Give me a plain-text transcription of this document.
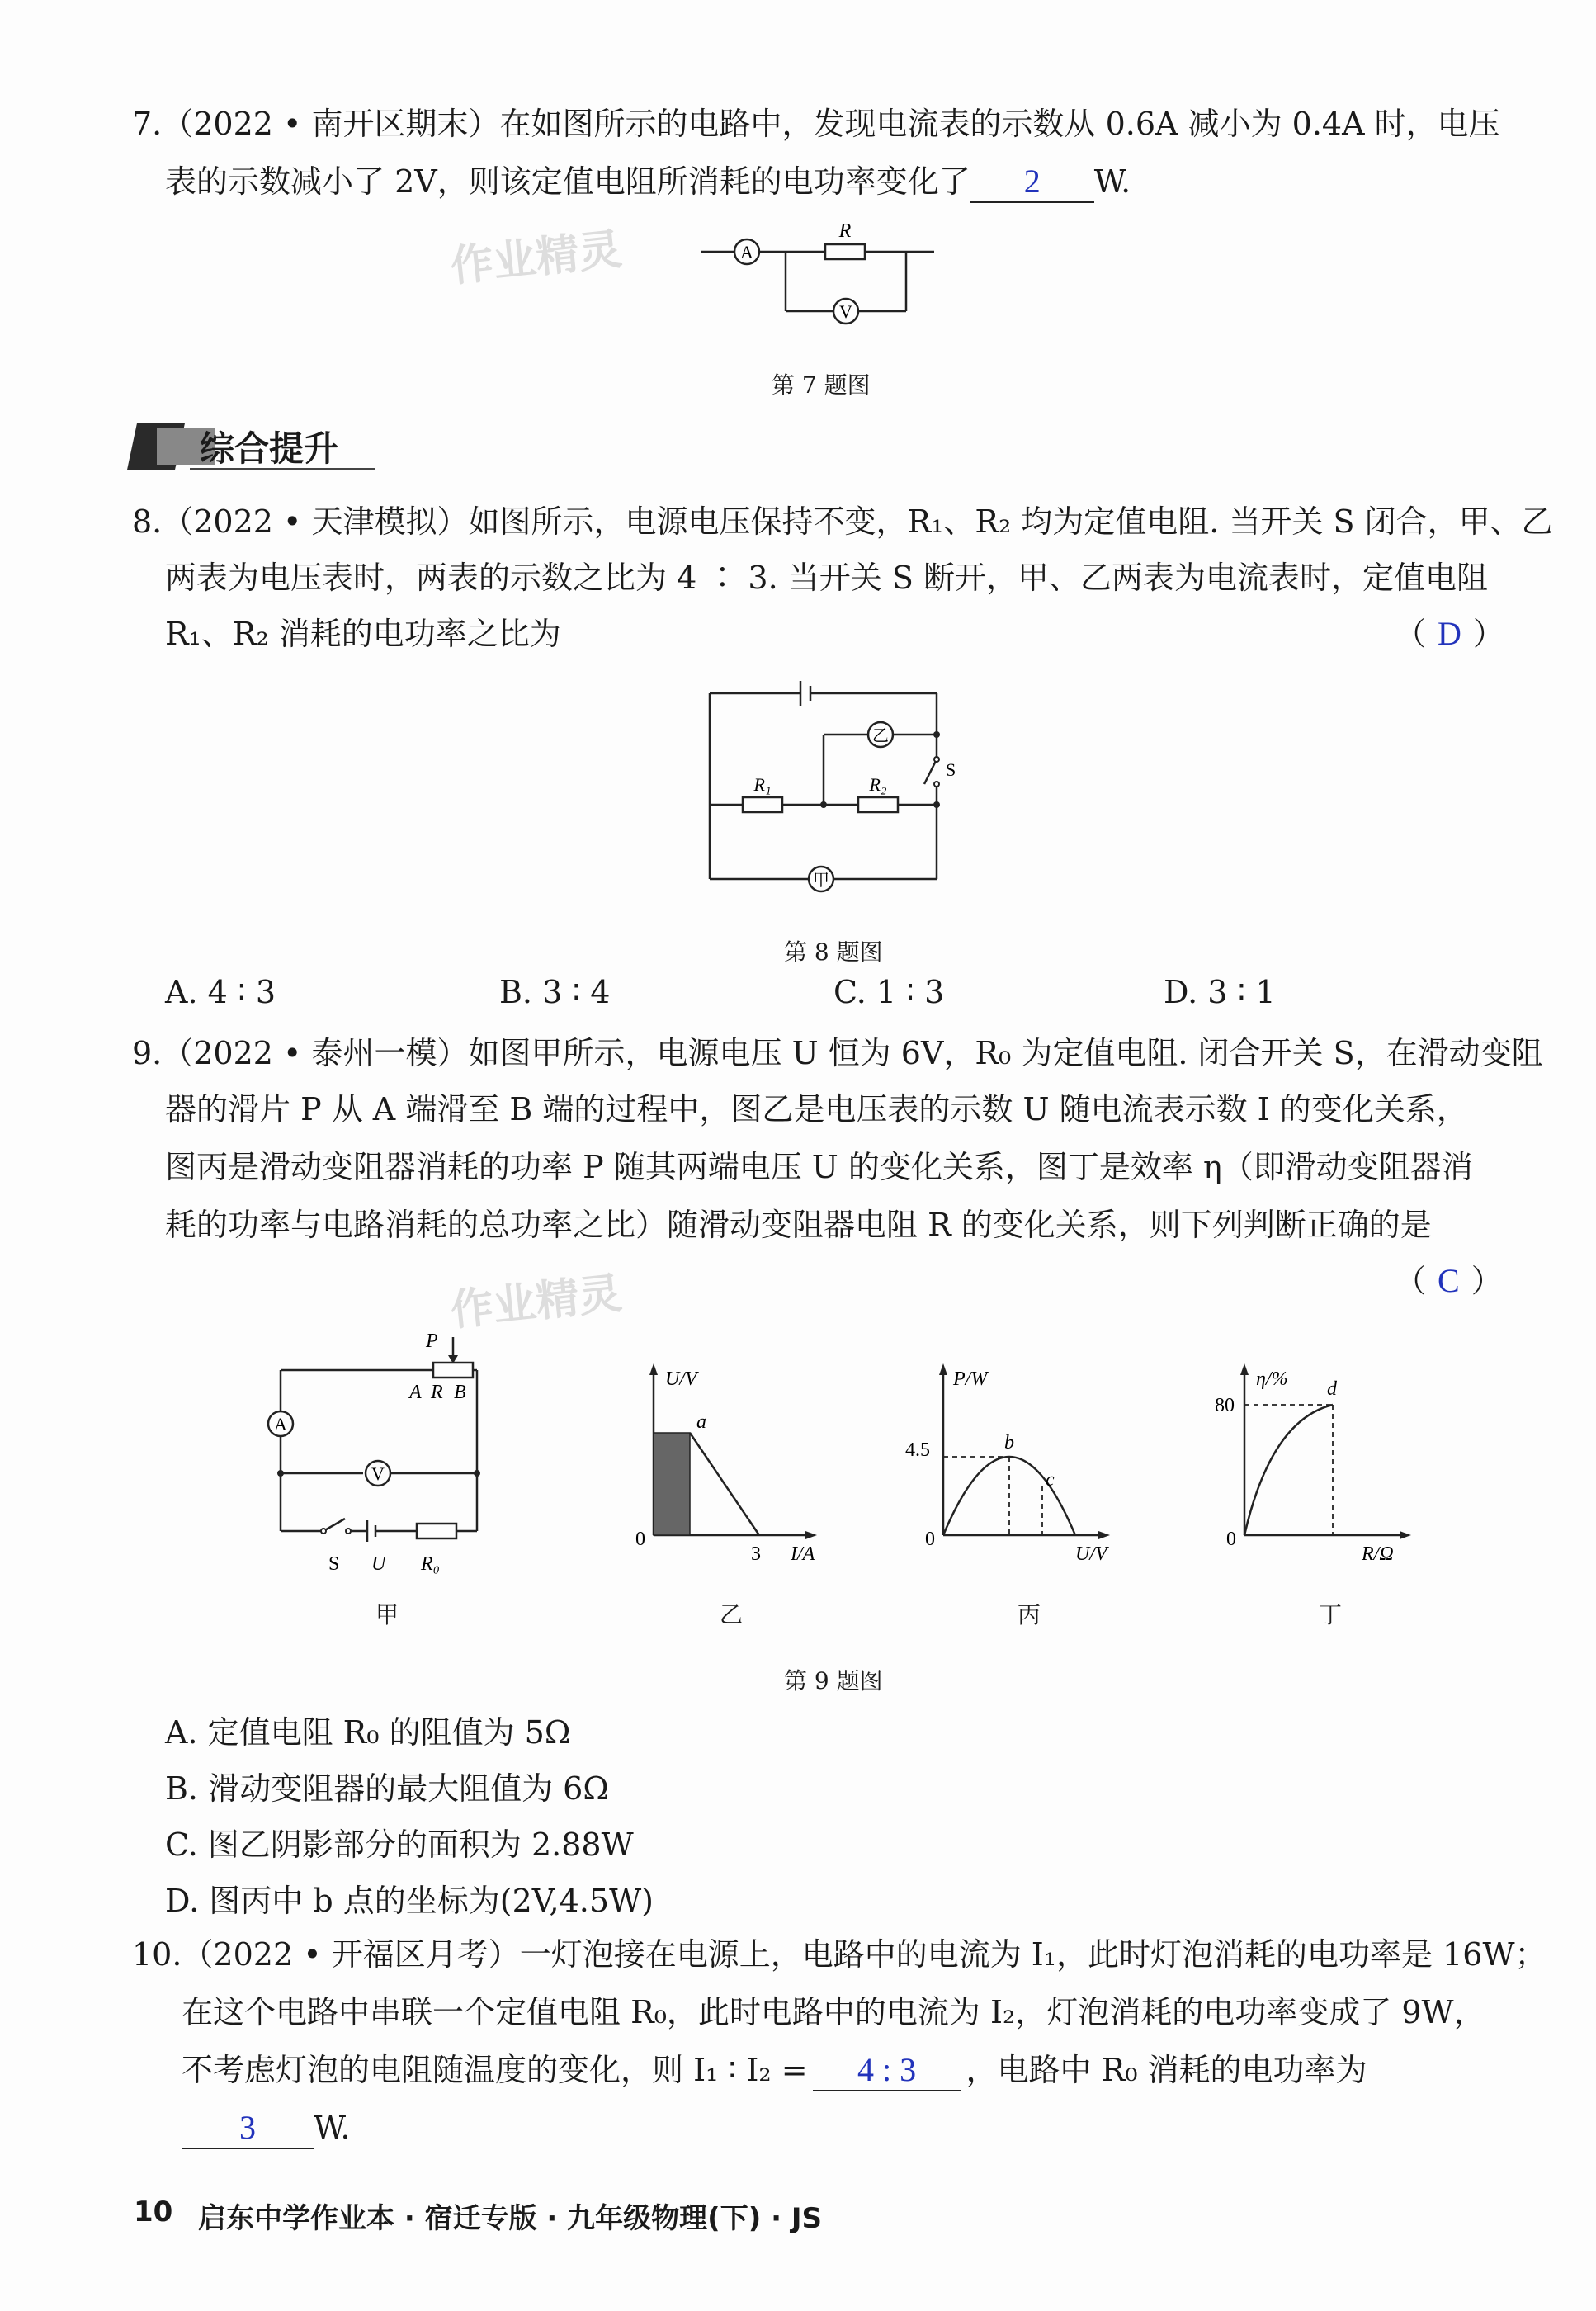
作业精灵
作业精灵
7.（2022 • 南开区期末）在如图所示的电路中，发现电流表的示数从 0.6A 减小为 0.4A 时，电压
表的示数减小了 2V，则该定值电阻所消耗的电功率变化了 2 W.
A
V
R
第 7 题图
综合提升
8.（2022 • 天津模拟）如图所示，电源电压保持不变，R₁、R₂ 均为定值电阻. 当开关 S 闭合，甲、乙
两表为电压表时，两表的示数之比为 4 ∶ 3. 当开关 S 断开，甲、乙两表为电流表时，定值电阻
R₁、R₂ 消耗的电功率之比为	（ D ）
乙
甲
R₁	R₂
S
第 8 题图
A. 4 ∶ 3	B. 3 ∶ 4	C. 1 ∶ 3	D. 3 ∶ 1
9.（2022 • 泰州一模）如图甲所示，电源电压 U 恒为 6V，R₀ 为定值电阻. 闭合开关 S，在滑动变阻
器的滑片 P 从 A 端滑至 B 端的过程中，图乙是电压表的示数 U 随电流表示数 I 的变化关系，
图丙是滑动变阻器消耗的功率 P 随其两端电压 U 的变化关系，图丁是效率 η（即滑动变阻器消
耗的功率与电路消耗的总功率之比）随滑动变阻器电阻 R 的变化关系，则下列判断正确的是
（ C ）
A
V
P
A R B
S U R₀
U/V
I/A
0
3
a
P/W
U/V
0
4.5	b
c
η/%
R/Ω
0
80
d
甲	乙	丙	丁
第 9 题图
A. 定值电阻 R₀ 的阻值为 5Ω
B. 滑动变阻器的最大阻值为 6Ω
C. 图乙阴影部分的面积为 2.88W
D. 图丙中 b 点的坐标为(2V,4.5W)
10.（2022 • 开福区月考）一灯泡接在电源上，电路中的电流为 I₁，此时灯泡消耗的电功率是 16W；
在这个电路中串联一个定值电阻 R₀，此时电路中的电流为 I₂，灯泡消耗的电功率变成了 9W，
不考虑灯泡的电阻随温度的变化，则 I₁ ∶ I₂ = 4 : 3 ，电路中 R₀ 消耗的电功率为
3 W.
10 启东中学作业本 · 宿迁专版 · 九年级物理(下) · JS
